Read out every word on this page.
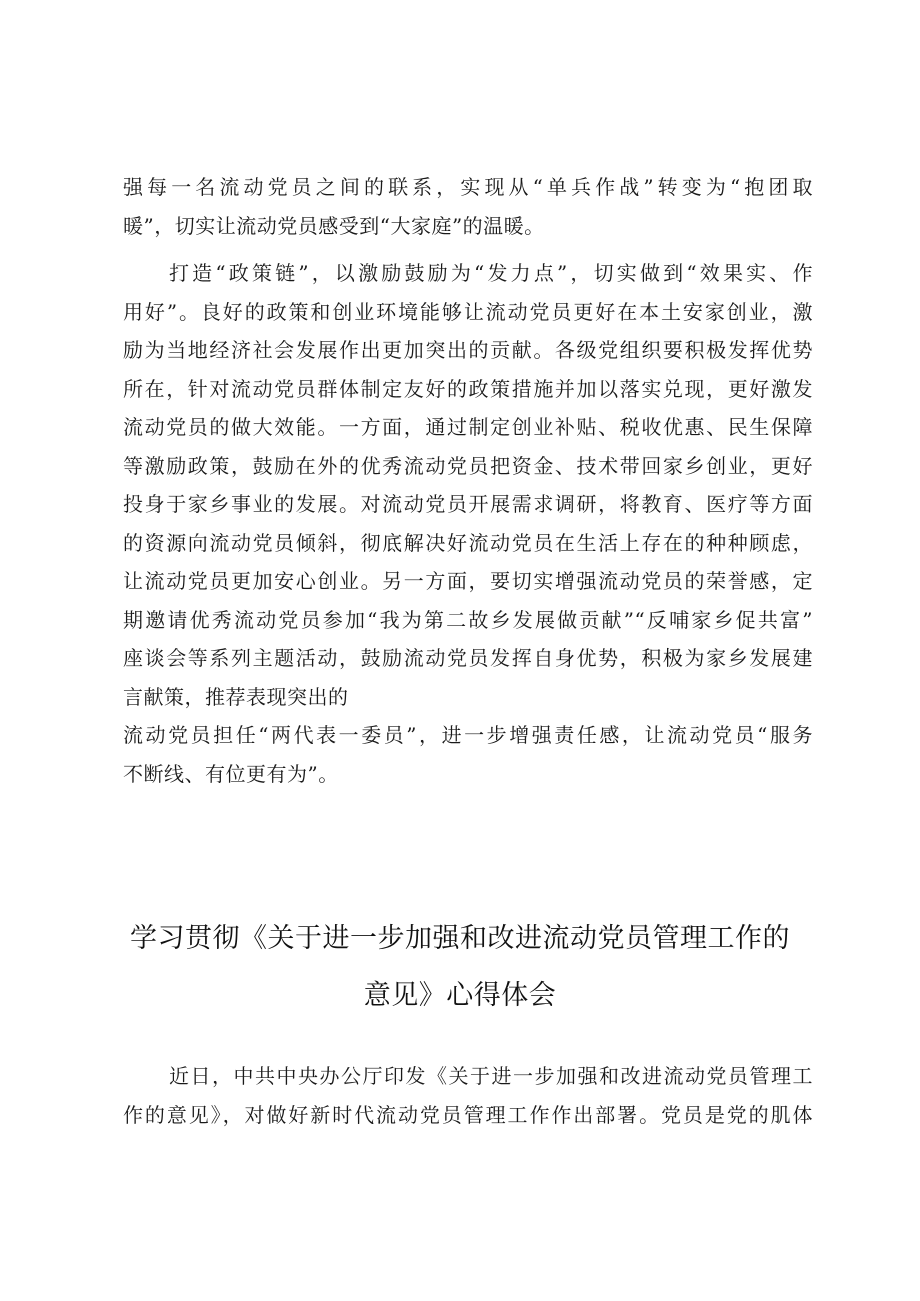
强每一名流动党员之间的联系，实现从“单兵作战”转变为“抱团取
暖”，切实让流动党员感受到“大家庭”的温暖。
打造“政策链”，以激励鼓励为“发力点”，切实做到“效果实、作
用好”。良好的政策和创业环境能够让流动党员更好在本土安家创业，激
励为当地经济社会发展作出更加突出的贡献。各级党组织要积极发挥优势
所在，针对流动党员群体制定友好的政策措施并加以落实兑现，更好激发
流动党员的做大效能。一方面，通过制定创业补贴、税收优惠、民生保障
等激励政策，鼓励在外的优秀流动党员把资金、技术带回家乡创业，更好
投身于家乡事业的发展。对流动党员开展需求调研，将教育、医疗等方面
的资源向流动党员倾斜，彻底解决好流动党员在生活上存在的种种顾虑，
让流动党员更加安心创业。另一方面，要切实增强流动党员的荣誉感，定
期邀请优秀流动党员参加“我为第二故乡发展做贡献”“反哺家乡促共富”
座谈会等系列主题活动，鼓励流动党员发挥自身优势，积极为家乡发展建
言献策，推荐表现突出的
流动党员担任“两代表一委员”，进一步增强责任感，让流动党员“服务
不断线、有位更有为”。
学习贯彻《关于进一步加强和改进流动党员管理工作的
意见》心得体会
近日，中共中央办公厅印发《关于进一步加强和改进流动党员管理工
作的意见》，对做好新时代流动党员管理工作作出部署。党员是党的肌体
